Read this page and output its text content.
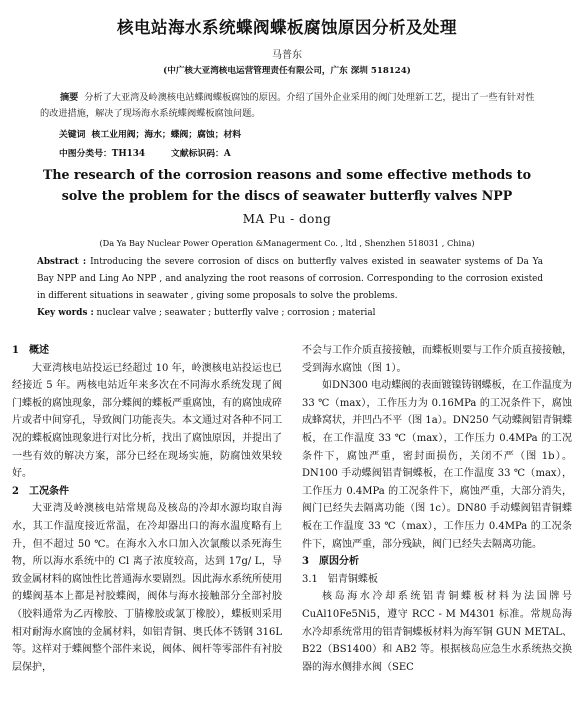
核电站海水系统蝶阀蝶板腐蚀原因分析及处理
马普东
(中广核大亚湾核电运营管理责任有限公司，广东 深圳 518124)
摘要 分析了大亚湾及岭澳核电站蝶阀蝶板腐蚀的原因。介绍了国外企业采用的阀门处理新工艺，提出了一些有针对性的改进措施，解决了现场海水系统蝶阀蝶板腐蚀问题。
关键词 核工业用阀；海水；蝶阀；腐蚀；材料
中图分类号：TH134	文献标识码：A
The research of the corrosion reasons and some effective methods to
solve the problem for the discs of seawater butterfly valves NPP
MA Pu - dong
(Da Ya Bay Nuclear Power Operation &Managerment Co. , ltd , Shenzhen 518031 , China)
Abstract : Introducing the severe corrosion of discs on butterfly valves existed in seawater systems of Da Ya Bay NPP and Ling Ao NPP , and analyzing the root reasons of corrosion. Corresponding to the corrosion existed in different situations in seawater , giving some proposals to solve the problems.
Key words : nuclear valve ; seawater ; butterfly valve ; corrosion ; material
1　概述

大亚湾核电站投运已经超过 10 年，岭澳核电站投运也已经接近 5 年。两核电站近年来多次在不同海水系统发现了阀门蝶板的腐蚀现象，部分蝶阀的蝶板严重腐蚀，有的腐蚀成碎片或者中间穿孔，导致阀门功能丧失。本文通过对各种不同工况的蝶板腐蚀现象进行对比分析，找出了腐蚀原因，并提出了一些有效的解决方案，部分已经在现场实施，防腐蚀效果较好。

2　工况条件

大亚湾及岭澳核电站常规岛及核岛的冷却水源均取自海水，其工作温度接近常温，在冷却器出口的海水温度略有上升，但不超过 50 ℃。在海水入水口加入次氯酸以杀死海生物，所以海水系统中的 Cl 离子浓度较高，达到 17g/ L，导致金属材料的腐蚀性比普通海水要剧烈。因此海水系统所使用的蝶阀基本上都是衬胶蝶阀，阀体与海水接触部分全部衬胶（胶料通常为乙丙橡胶、丁腈橡胶或氯丁橡胶），蝶板则采用相对耐海水腐蚀的金属材料，如铝青铜、奥氏体不锈钢 316L 等。这样对于蝶阀整个部件来说，阀体、阀杆等零部件有衬胶层保护，

不会与工作介质直接接触，而蝶板则要与工作介质直接接触，受到海水腐蚀（图 1）。

如DN300 电动蝶阀的表面镀镍铸钢蝶板，在工作温度为 33 ℃（max），工作压力为 0.16MPa 的工况条件下，腐蚀成蜂窝状，并凹凸不平（图 1a）。DN250 气动蝶阀铝青铜蝶板，在工作温度 33 ℃（max），工作压力 0.4MPa 的工况条件下，腐蚀严重，密封面损伤，关闭不严（图 1b）。DN100 手动蝶阀铝青铜蝶板，在工作温度 33 ℃（max），工作压力 0.4MPa 的工况条件下，腐蚀严重，大部分消失，阀门已经失去隔离功能（图 1c）。DN80 手动蝶阀铝青铜蝶板在工作温度 33 ℃（max），工作压力 0.4MPa 的工况条件下，腐蚀严重，部分残缺，阀门已经失去隔离功能。

3　原因分析
3.1　铝青铜蝶板

核岛海水冷却系统铝青铜蝶板材料为法国牌号 CuAl10Fe5Ni5，遵守 RCC - M M4301 标准。常规岛海水冷却系统常用的铝青铜蝶板材料为海军铜 GUN METAL、B22（BS1400）和 AB2 等。根据核岛应急生水系统热交换器的海水侧排水阀（SEC
